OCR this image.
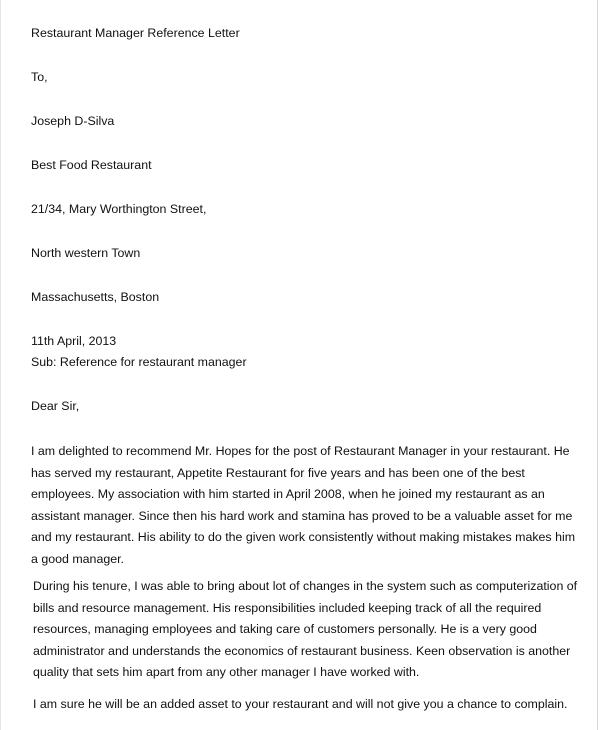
Restaurant Manager Reference Letter
To,
Joseph D-Silva
Best Food Restaurant
21/34, Mary Worthington Street,
North western Town
Massachusetts, Boston
11th April, 2013
Sub: Reference for restaurant manager
Dear Sir,
I am delighted to recommend Mr. Hopes for the post of Restaurant Manager in your restaurant. He
has served my restaurant, Appetite Restaurant for five years and has been one of the best
employees. My association with him started in April 2008, when he joined my restaurant as an
assistant manager. Since then his hard work and stamina has proved to be a valuable asset for me
and my restaurant. His ability to do the given work consistently without making mistakes makes him
a good manager.
During his tenure, I was able to bring about lot of changes in the system such as computerization of
bills and resource management. His responsibilities included keeping track of all the required
resources, managing employees and taking care of customers personally. He is a very good
administrator and understands the economics of restaurant business. Keen observation is another
quality that sets him apart from any other manager I have worked with.
I am sure he will be an added asset to your restaurant and will not give you a chance to complain.
